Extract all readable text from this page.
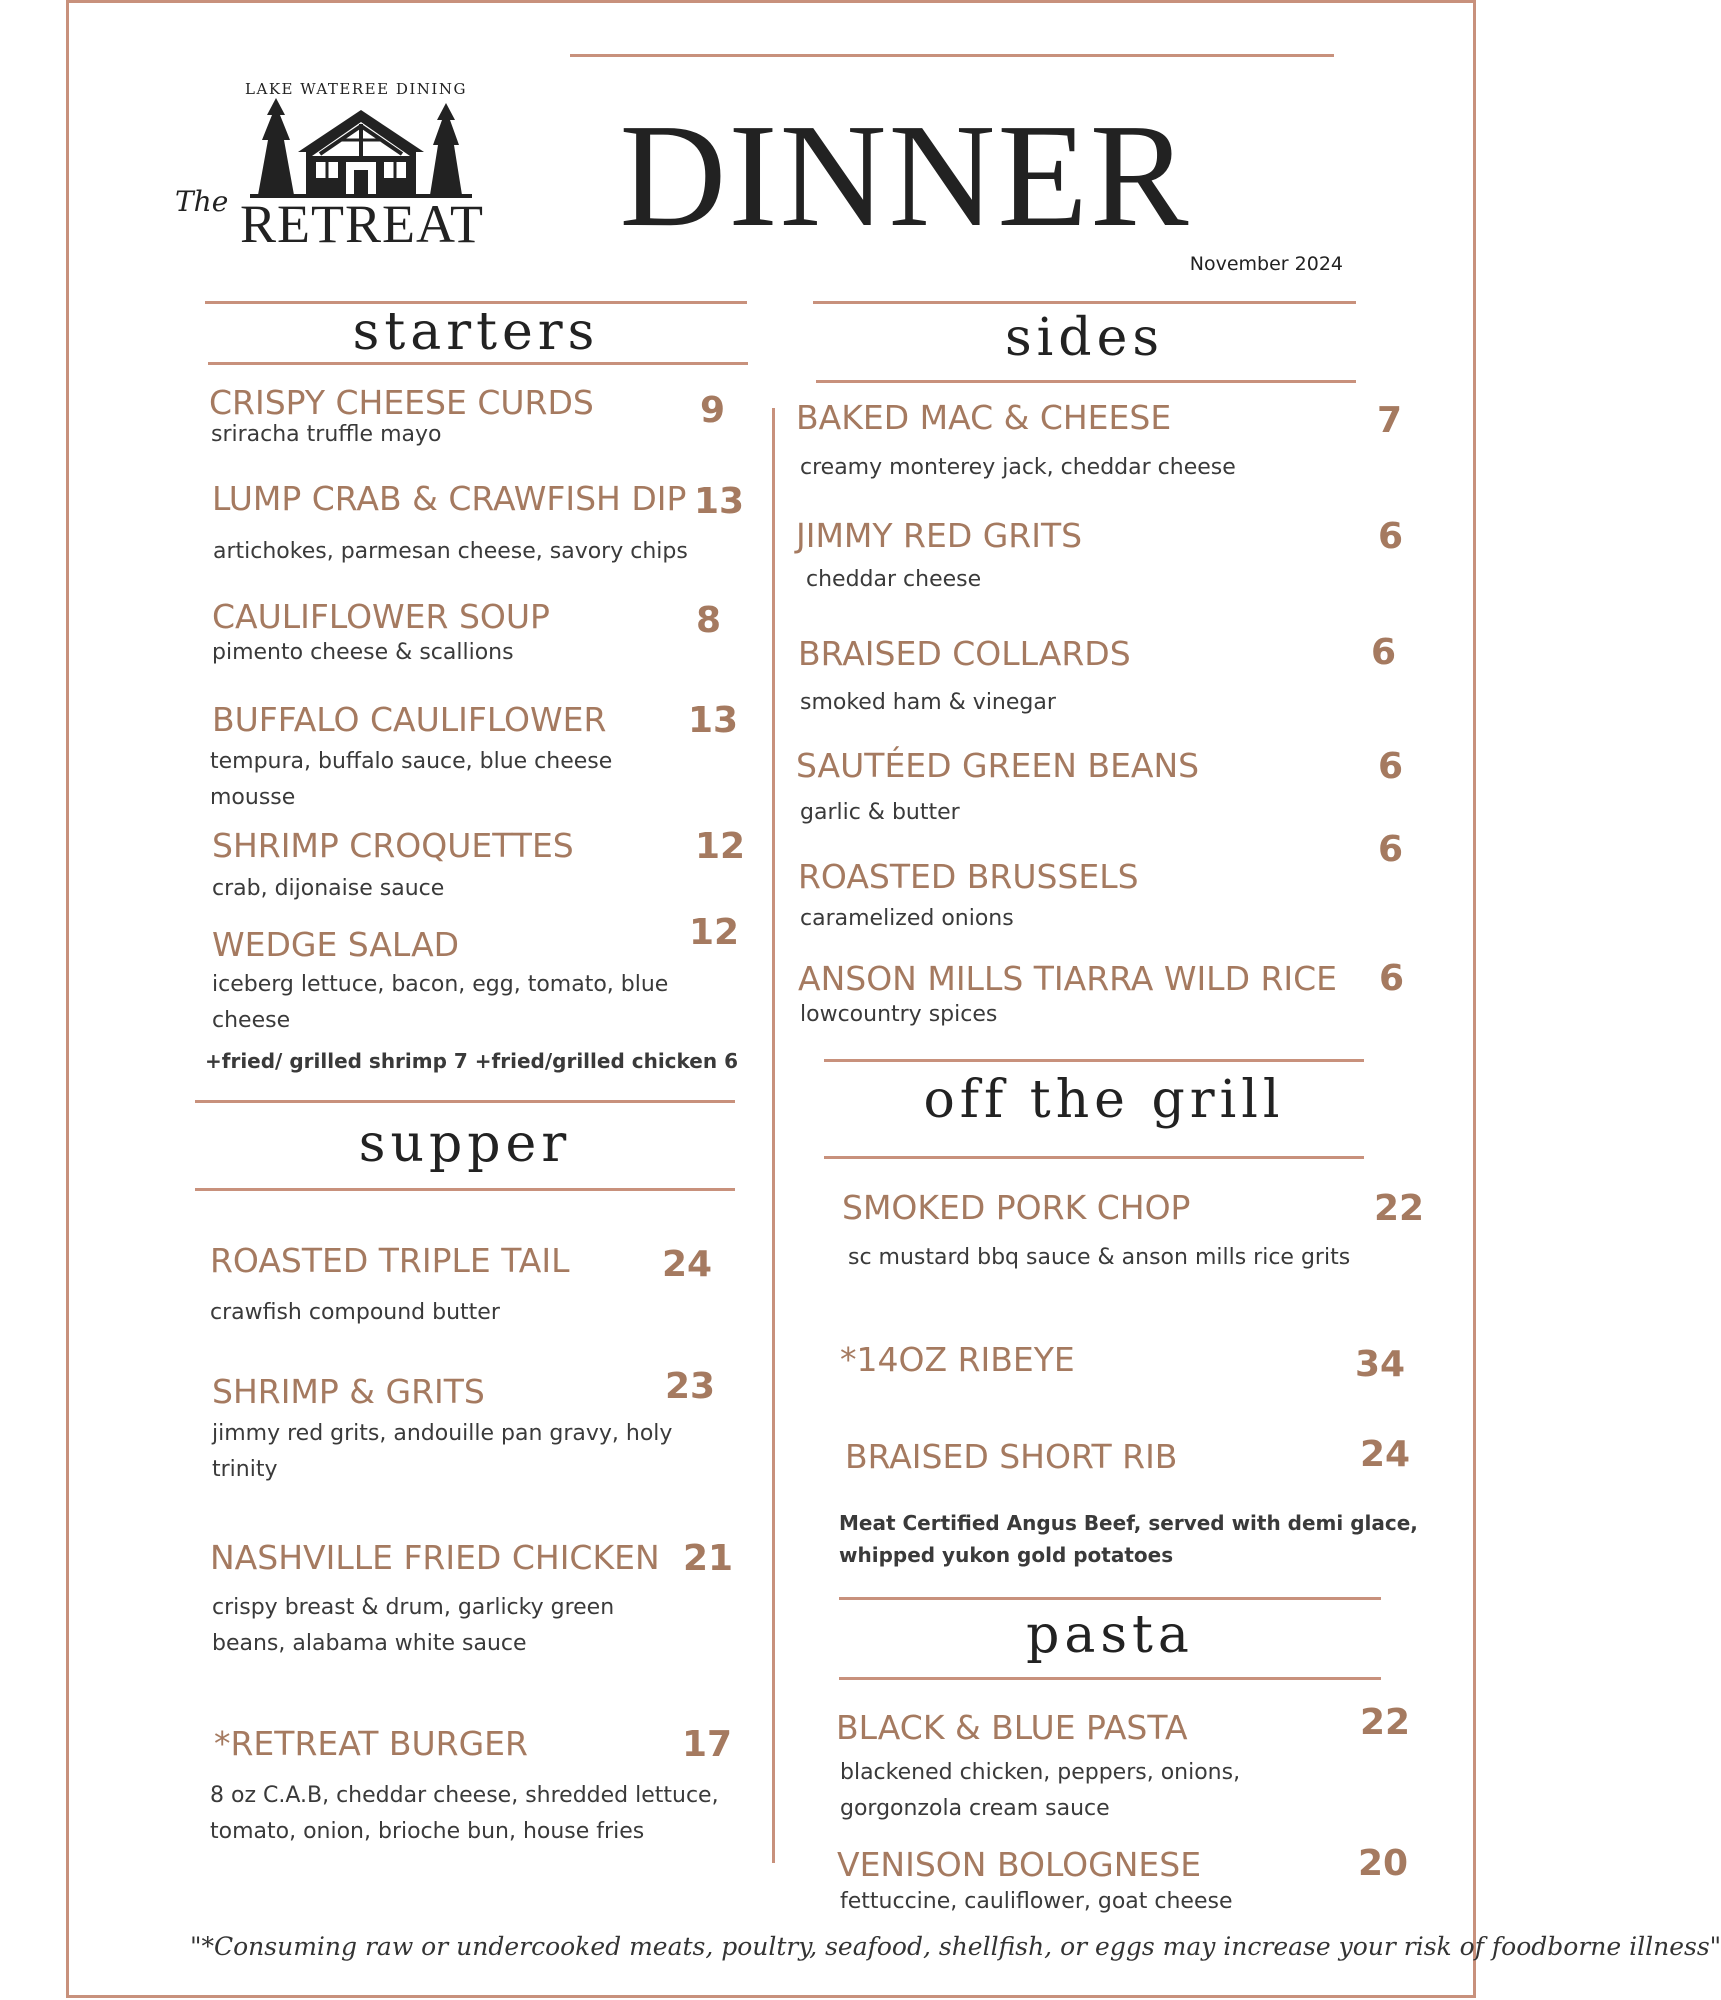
LAKE WATEREE DINING
The RETREAT DINNER
November 2024
starters
CRISPY CHEESE CURDS	9
sriracha truffle mayo
LUMP CRAB & CRAWFISH DIP 13
artichokes, parmesan cheese, savory chips
CAULIFLOWER SOUP	8
pimento cheese & scallions
BUFFALO CAULIFLOWER 13
tempura, buffalo sauce, blue cheese mousse
SHRIMP CROQUETTES	12
crab, dijonaise sauce
WEDGE SALAD	12
iceberg lettuce, bacon, egg, tomato, blue cheese
+fried/ grilled shrimp 7 +fried/grilled chicken 6
supper
ROASTED TRIPLE TAIL	24
crawfish compound butter
SHRIMP & GRITS	23
jimmy red grits, andouille pan gravy, holy trinity
NASHVILLE FRIED CHICKEN 21
crispy breast & drum, garlicky green beans, alabama white sauce
*RETREAT BURGER	17
8 oz C.A.B, cheddar cheese, shredded lettuce, tomato, onion, brioche bun, house fries
sides
BAKED MAC & CHEESE	7
creamy monterey jack, cheddar cheese
JIMMY RED GRITS	6
cheddar cheese
BRAISED COLLARDS	6
smoked ham & vinegar
SAUTÉED GREEN BEANS	6
garlic & butter
ROASTED BRUSSELS
6
caramelized onions
ANSON MILLS TIARRA WILD RICE 6
lowcountry spices
off the grill
SMOKED PORK CHOP	22
sc mustard bbq sauce & anson mills rice grits
*14OZ RIBEYE	34
BRAISED SHORT RIB	24
Meat Certified Angus Beef, served with demi glace, whipped yukon gold potatoes
pasta
BLACK & BLUE PASTA	22
blackened chicken, peppers, onions, gorgonzola cream sauce
VENISON BOLOGNESE	20
fettuccine, cauliflower, goat cheese
"*Consuming raw or undercooked meats, poultry, seafood, shellfish, or eggs may increase your risk of foodborne illness"
